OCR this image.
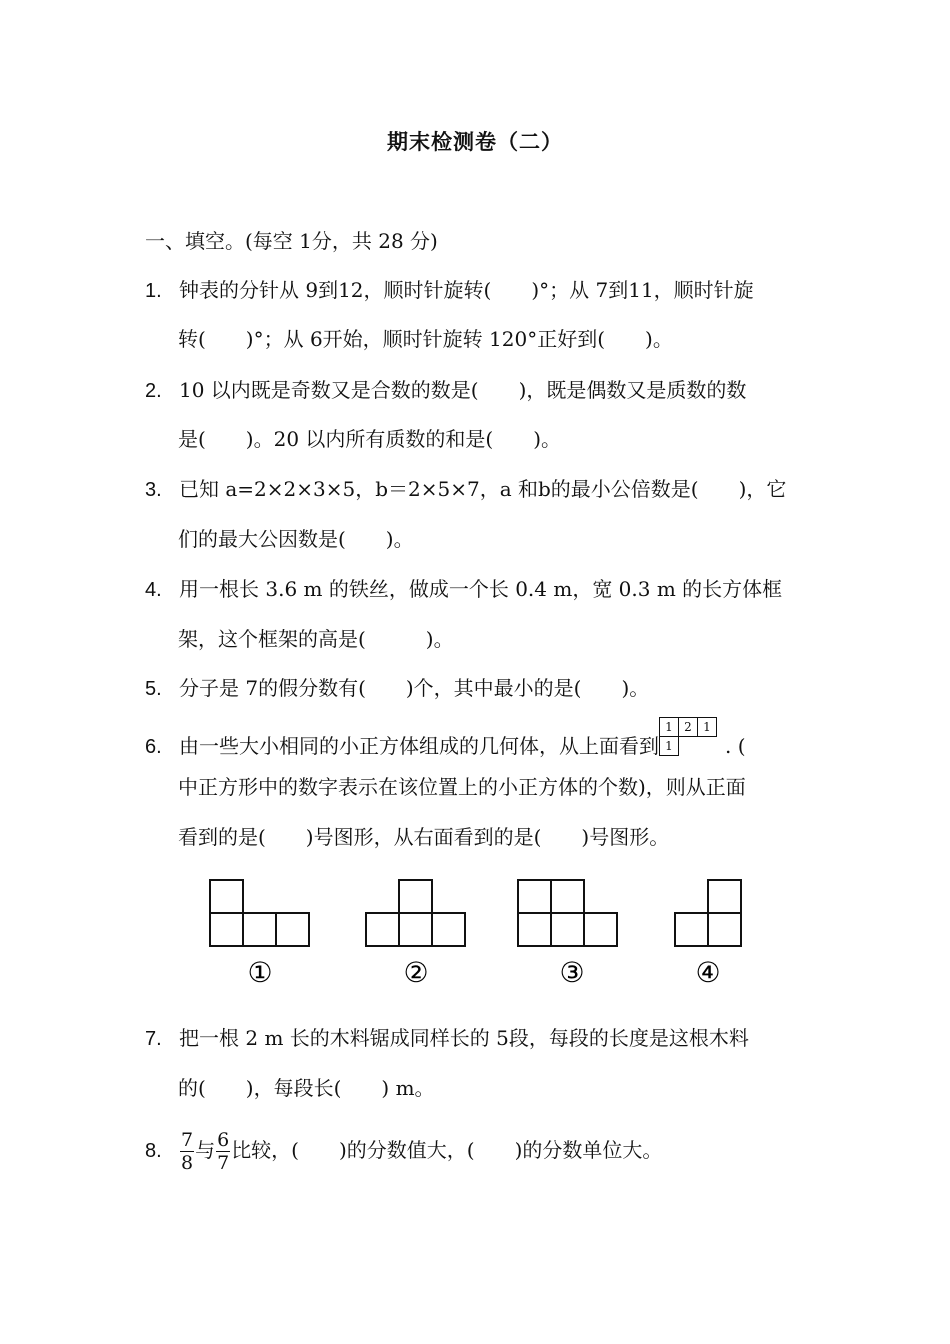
期末检测卷（二）
一、填空。(每空 1分，共 28 分)
1. 钟表的分针从 9到12，顺时针旋转(　　)°；从 7到11，顺时针旋
转(　　)°；从 6开始，顺时针旋转 120°正好到(　　)。
2. 10 以内既是奇数又是合数的数是(　　)，既是偶数又是质数的数
是(　　)。20 以内所有质数的和是(　　)。
3. 已知 a=2×2×3×5，b＝2×5×7，a 和b的最小公倍数是(　　)，它
们的最大公因数是(　　)。
4. 用一根长 3.6 m 的铁丝，做成一个长 0.4 m，宽 0.3 m 的长方体框
架，这个框架的高是(　　　)。
5. 分子是 7的假分数有(　　)个，其中最小的是(　　)。
6. 由一些大小相同的小正方体组成的几何体，从上面看到
1 2 1
1	. (
中正方形中的数字表示在该位置上的小正方体的个数)，则从正面
看到的是(　　)号图形，从右面看到的是(　　)号图形。
①	②	③	④
7. 把一根 2 m 长的木料锯成同样长的 5段，每段的长度是这根木料
的(　　)，每段长(　　) m。
8. $\frac{7}{8}$ 与 $\frac{6}{7}$ 比较，(　　)的分数值大，(　　)的分数单位大。
